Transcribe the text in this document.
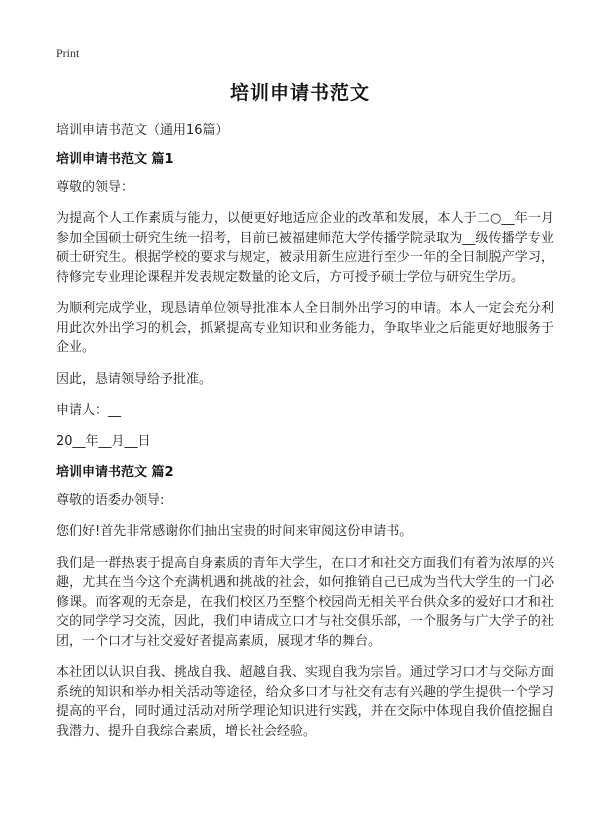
Print
培训申请书范文
培训申请书范文（通用16篇）
培训申请书范文 篇1
尊敬的领导：

为提高个人工作素质与能力，以便更好地适应企业的改革和发展，本人于二○__年一月参加全国硕士研究生统一招考，目前已被福建师范大学传播学院录取为__级传播学专业硕士研究生。根据学校的要求与规定，被录用新生应进行至少一年的全日制脱产学习，待修完专业理论课程并发表规定数量的论文后，方可授予硕士学位与研究生学历。

为顺利完成学业，现恳请单位领导批准本人全日制外出学习的申请。本人一定会充分利用此次外出学习的机会，抓紧提高专业知识和业务能力，争取毕业之后能更好地服务于企业。

因此，恳请领导给予批准。

申请人：__
20__年__月__日
培训申请书范文 篇2
尊敬的语委办领导:

您们好!首先非常感谢你们抽出宝贵的时间来审阅这份申请书。

我们是一群热衷于提高自身素质的青年大学生，在口才和社交方面我们有着为浓厚的兴趣，尤其在当今这个充满机遇和挑战的社会，如何推销自己已成为当代大学生的一门必修课。而客观的无奈是，在我们校区乃至整个校园尚无相关平台供众多的爱好口才和社交的同学学习交流，因此，我们申请成立口才与社交俱乐部，一个服务与广大学子的社团，一个口才与社交爱好者提高素质，展现才华的舞台。

本社团以认识自我、挑战自我、超越自我、实现自我为宗旨。通过学习口才与交际方面系统的知识和举办相关活动等途径，给众多口才与社交有志有兴趣的学生提供一个学习提高的平台，同时通过活动对所学理论知识进行实践，并在交际中体现自我价值挖掘自我潜力、提升自我综合素质，增长社会经验。
